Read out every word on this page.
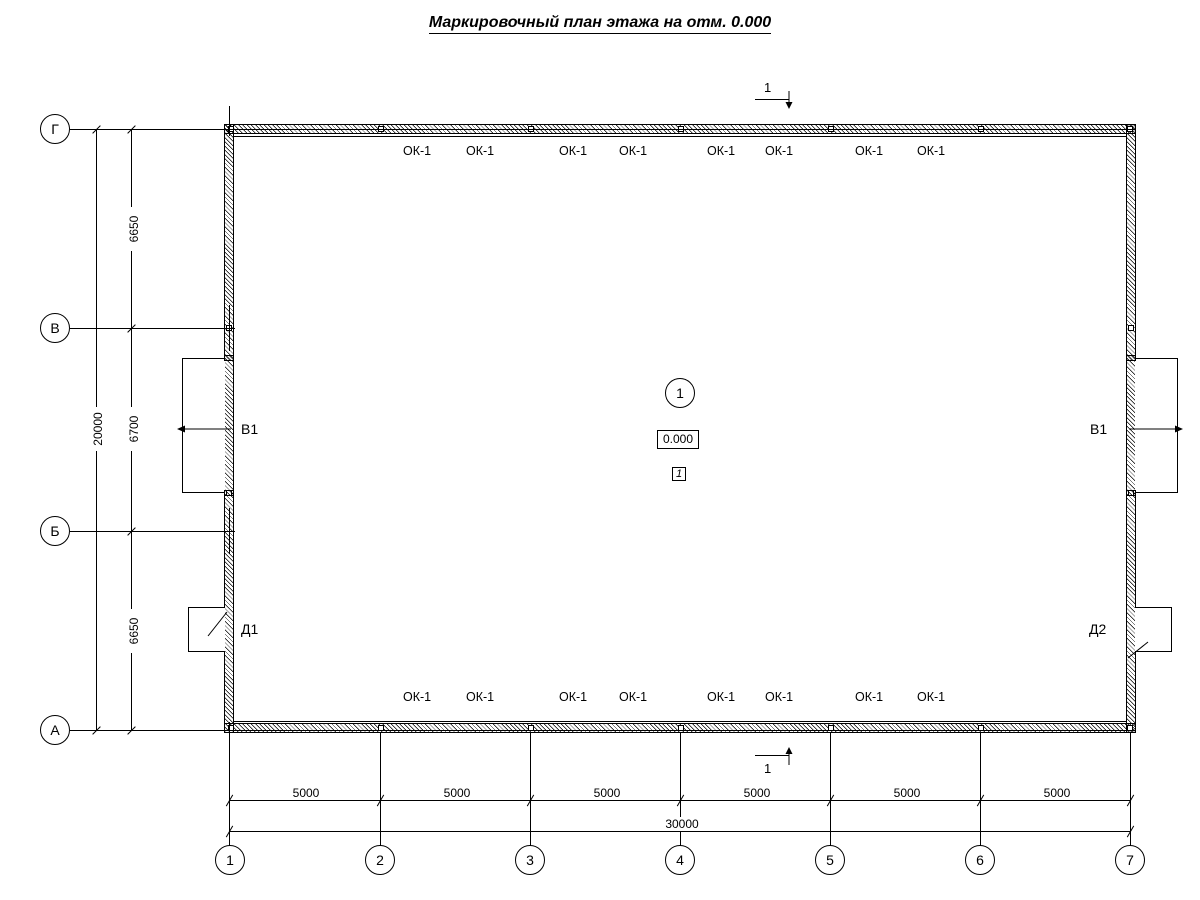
Маркировочный план этажа на отм. 0.000
1
1
В1	В1
Д1	Д2
ОК-1	ОК-1	ОК-1	ОК-1	ОК-1 ОК-1	ОК-1	ОК-1
ОК-1	ОК-1	ОК-1	ОК-1	ОК-1 ОК-1	ОК-1	ОК-1
1
0.000
1
Г
В
Б
А
6650
6700
6650
20000
5000	5000	5000	5000	5000	5000
30000
1	2	3	4	5	6	7
